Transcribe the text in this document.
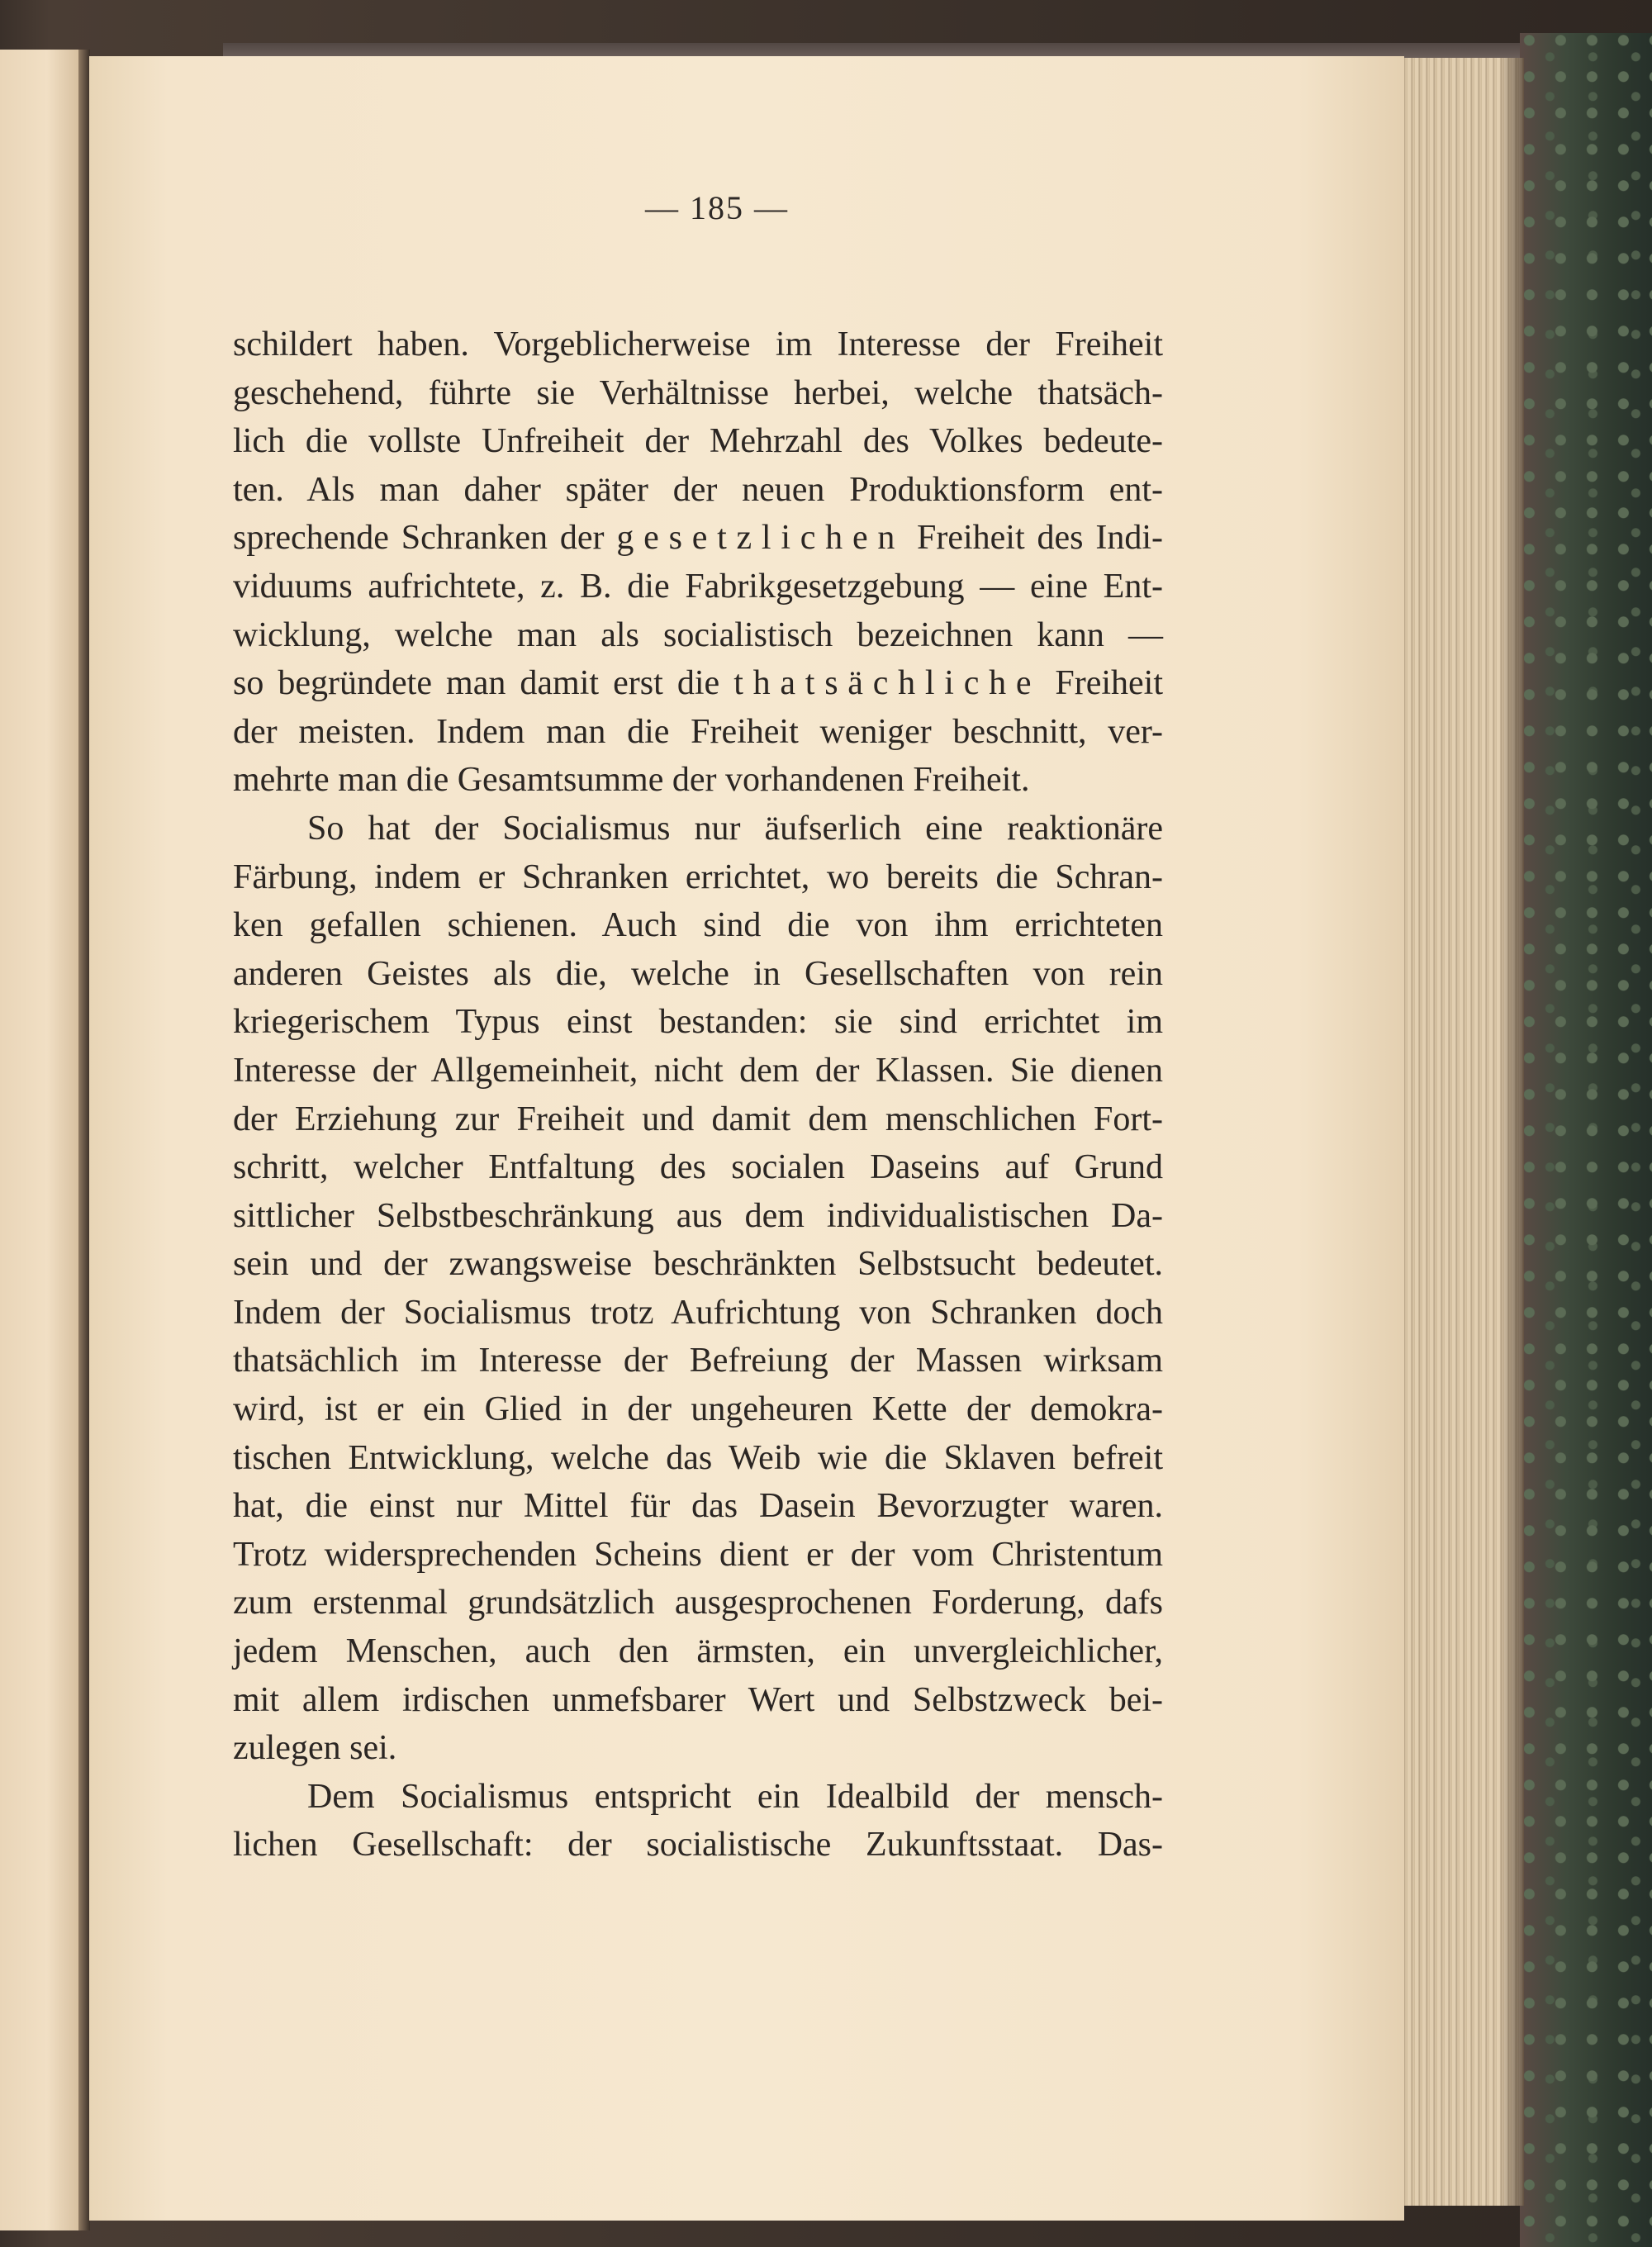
— 185 —
schildert haben. Vorgeblicherweise im Interesse der Freiheit
geschehend, führte sie Verhältnisse herbei, welche thatsäch-
lich die vollste Unfreiheit der Mehrzahl des Volkes bedeute-
ten. Als man daher später der neuen Produktionsform ent-
sprechende Schranken der gesetzlichen Freiheit des Indi-
viduums aufrichtete, z. B. die Fabrikgesetzgebung — eine Ent-
wicklung, welche man als socialistisch bezeichnen kann —
so begründete man damit erst die thatsächliche Freiheit
der meisten. Indem man die Freiheit weniger beschnitt, ver-
mehrte man die Gesamtsumme der vorhandenen Freiheit.
So hat der Socialismus nur äufserlich eine reaktionäre
Färbung, indem er Schranken errichtet, wo bereits die Schran-
ken gefallen schienen. Auch sind die von ihm errichteten
anderen Geistes als die, welche in Gesellschaften von rein
kriegerischem Typus einst bestanden: sie sind errichtet im
Interesse der Allgemeinheit, nicht dem der Klassen. Sie dienen
der Erziehung zur Freiheit und damit dem menschlichen Fort-
schritt, welcher Entfaltung des socialen Daseins auf Grund
sittlicher Selbstbeschränkung aus dem individualistischen Da-
sein und der zwangsweise beschränkten Selbstsucht bedeutet.
Indem der Socialismus trotz Aufrichtung von Schranken doch
thatsächlich im Interesse der Befreiung der Massen wirksam
wird, ist er ein Glied in der ungeheuren Kette der demokra-
tischen Entwicklung, welche das Weib wie die Sklaven befreit
hat, die einst nur Mittel für das Dasein Bevorzugter waren.
Trotz widersprechenden Scheins dient er der vom Christentum
zum erstenmal grundsätzlich ausgesprochenen Forderung, dafs
jedem Menschen, auch den ärmsten, ein unvergleichlicher,
mit allem irdischen unmefsbarer Wert und Selbstzweck bei-
zulegen sei.
Dem Socialismus entspricht ein Idealbild der mensch-
lichen Gesellschaft: der socialistische Zukunftsstaat. Das-
